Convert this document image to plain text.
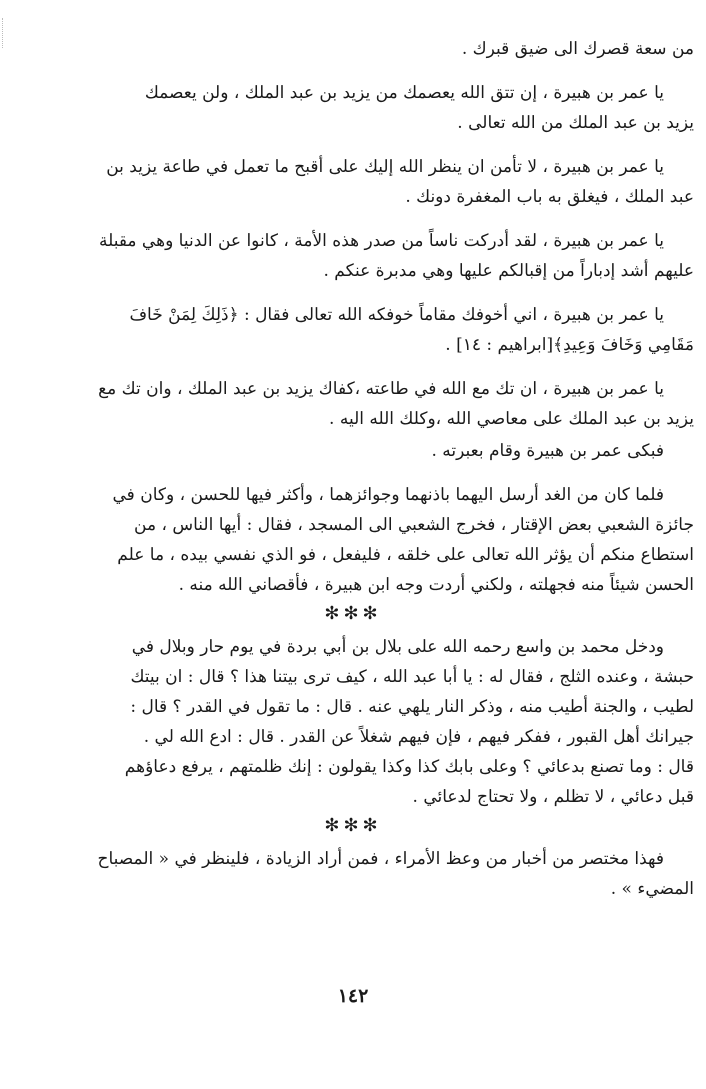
من سعة قصرك الى ضيق قبرك .

يا عمر بن هبيرة ، إن تتق الله يعصمك من يزيد بن عبد الملك ، ولن يعصمك
يزيد بن عبد الملك من الله تعالى .

يا عمر بن هبيرة ، لا تأمن ان ينظر الله إليك على أقبح ما تعمل في طاعة يزيد بن
عبد الملك ، فيغلق به باب المغفرة دونك .

يا عمر بن هبيرة ، لقد أدركت ناساً من صدر هذه الأمة ، كانوا عن الدنيا وهي مقبلة
عليهم أشد إدباراً من إقبالكم عليها وهي مدبرة عنكم .

يا عمر بن هبيرة ، اني أخوفك مقاماً خوفكه الله تعالى فقال : ﴿ذَلِكَ لِمَنْ خَافَ
مَقَامِي وَخَافَ وَعِيدِ﴾[ابراهيم : ١٤] .

يا عمر بن هبيرة ، ان تك مع الله في طاعته ،كفاك يزيد بن عبد الملك ، وان تك مع
يزيد بن عبد الملك على معاصي الله ،وكلك الله اليه .

فبكى عمر بن هبيرة وقام بعبرته .

فلما كان من الغد أرسل اليهما باذنهما وجوائزهما ، وأكثر فيها للحسن ، وكان في
جائزة الشعبي بعض الإقتار ، فخرج الشعبي الى المسجد ، فقال : أيها الناس ، من
استطاع منكم أن يؤثر الله تعالى على خلقه ، فليفعل ، فو الذي نفسي بيده ، ما علم
الحسن شيئاً منه فجهلته ، ولكني أردت وجه ابن هبيرة ، فأقصاني الله منه .

✻✻✻

ودخل محمد بن واسع رحمه الله على بلال بن أبي بردة في يوم حار وبلال في
حبشة ، وعنده الثلج ، فقال له : يا أبا عبد الله ، كيف ترى بيتنا هذا ؟ قال : ان بيتك
لطيب ، والجنة أطيب منه ، وذكر النار يلهي عنه . قال : ما تقول في القدر ؟ قال :
جيرانك أهل القبور ، ففكر فيهم ، فإن فيهم شغلاً عن القدر . قال : ادع الله لي .
قال : وما تصنع بدعائي ؟ وعلى بابك كذا وكذا يقولون : إنك ظلمتهم ، يرفع دعاؤهم
قبل دعائي ، لا تظلم ، ولا تحتاج لدعائي .

✻✻✻

فهذا مختصر من أخبار من وعظ الأمراء ، فمن أراد الزيادة ، فلينظر في « المصباح
المضيء » .

١٤٢
